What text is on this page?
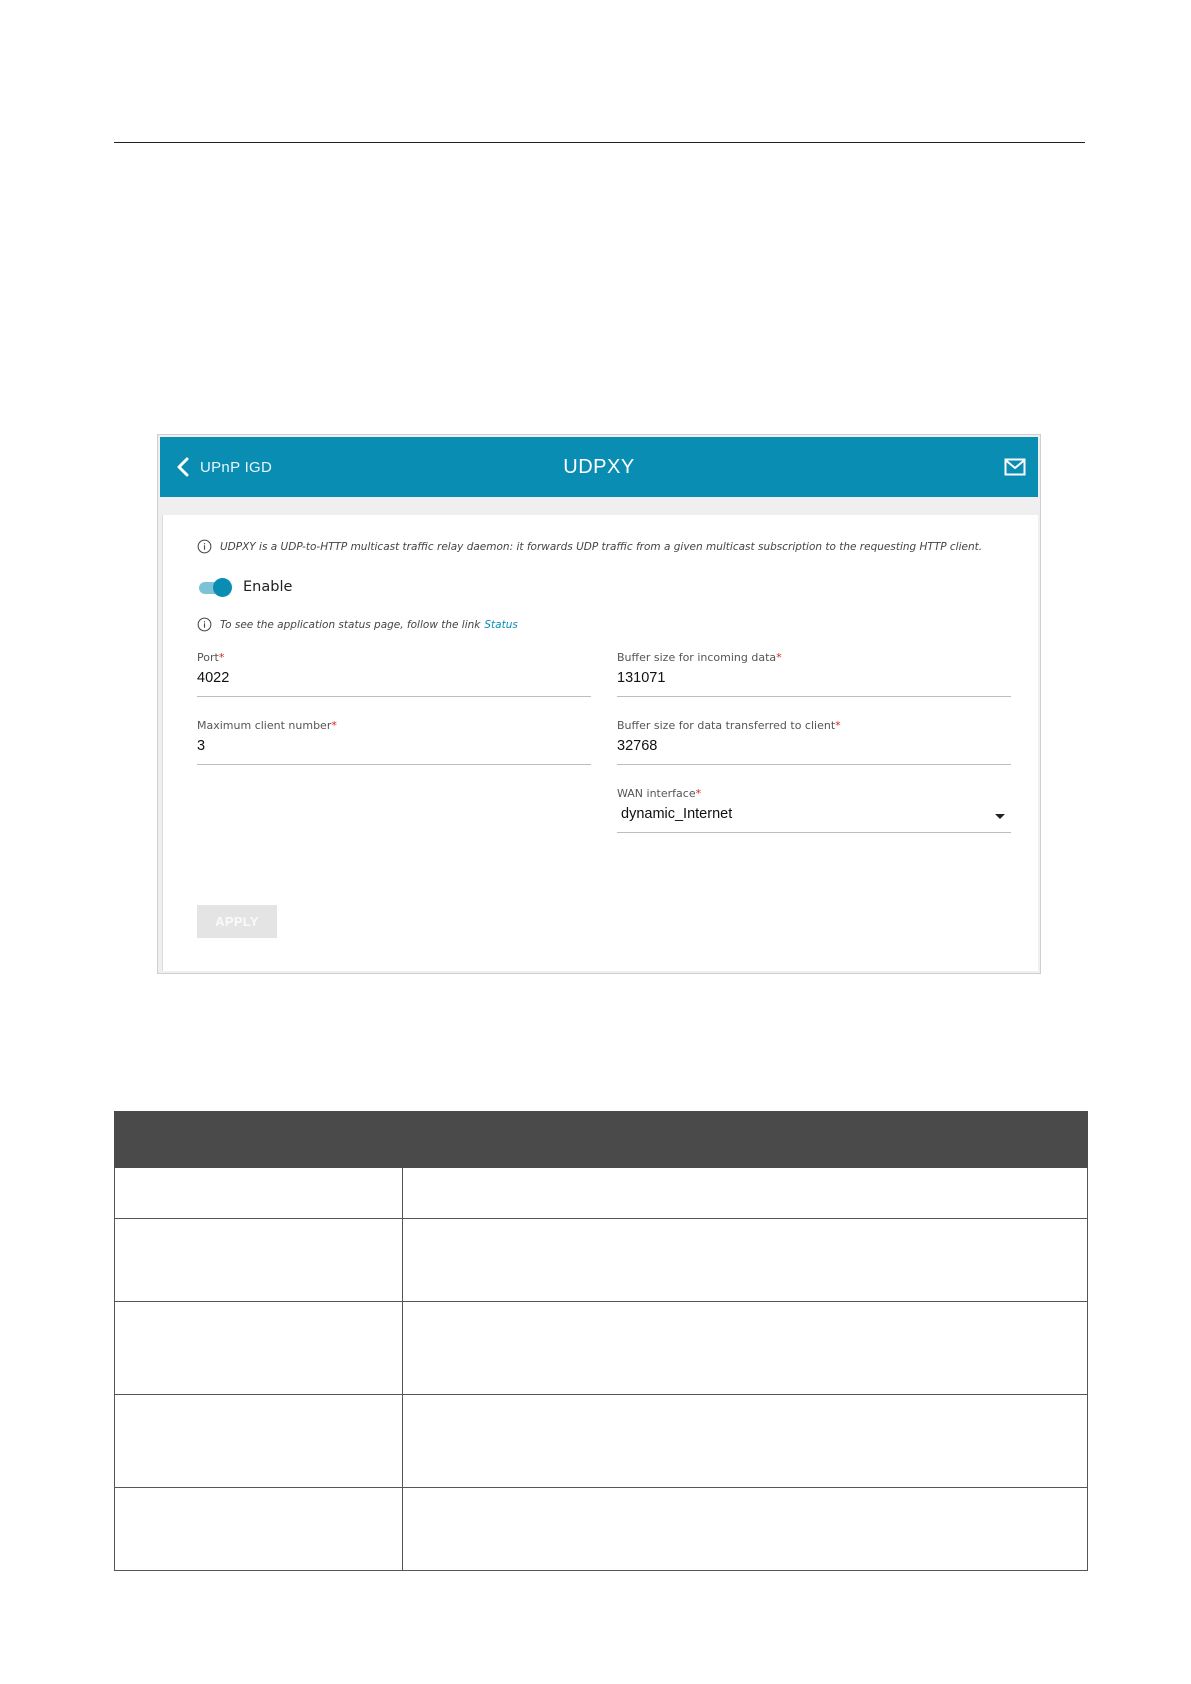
UPnP IGD	UDPXY
UDPXY is a UDP-to-HTTP multicast traffic relay daemon: it forwards UDP traffic from a given multicast subscription to the requesting HTTP client.
Enable
To see the application status page, follow the link Status
Port*
4022
Buffer size for incoming data*
131071
Maximum client number*
3
Buffer size for data transferred to client*
32768
WAN interface*
dynamic_Internet
APPLY
